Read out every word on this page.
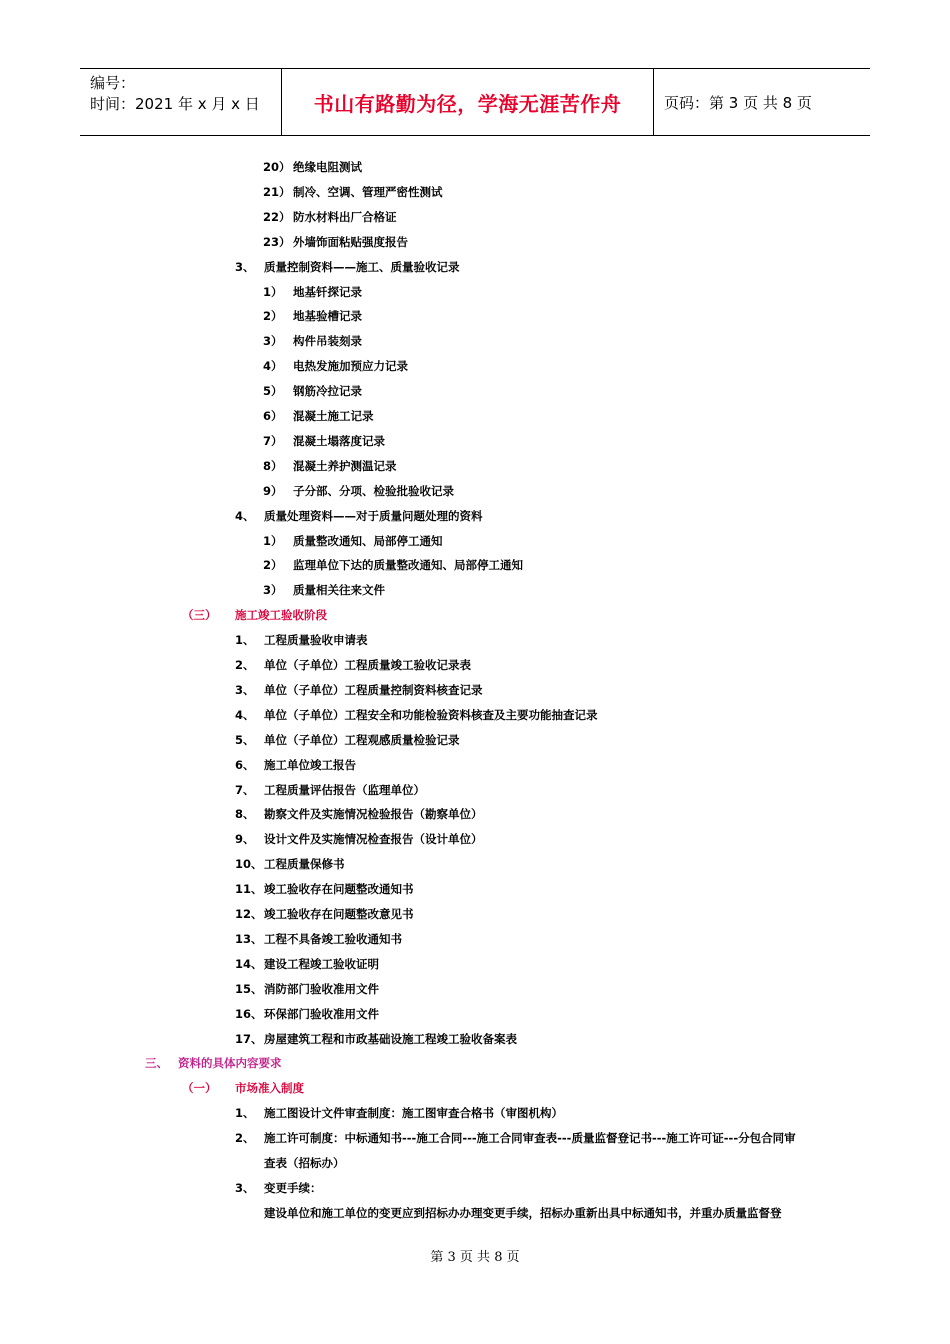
编号：
时间：2021 年 x 月 x 日	书山有路勤为径，学海无涯苦作舟	页码：第 3 页 共 8 页
20） 绝缘电阻测试
21） 制冷、空调、管理严密性测试
22） 防水材料出厂合格证
23） 外墙饰面粘贴强度报告
3、 质量控制资料——施工、质量验收记录
1） 地基钎探记录
2） 地基验槽记录
3） 构件吊装刻录
4） 电热发施加预应力记录
5） 钢筋冷拉记录
6） 混凝土施工记录
7） 混凝土塌落度记录
8） 混凝土养护测温记录
9） 子分部、分项、检验批验收记录
4、 质量处理资料——对于质量问题处理的资料
1） 质量整改通知、局部停工通知
2） 监理单位下达的质量整改通知、局部停工通知
3） 质量相关往来文件
（三） 施工竣工验收阶段
1、 工程质量验收申请表
2、 单位（子单位）工程质量竣工验收记录表
3、 单位（子单位）工程质量控制资料核查记录
4、 单位（子单位）工程安全和功能检验资料核查及主要功能抽查记录
5、 单位（子单位）工程观感质量检验记录
6、 施工单位竣工报告
7、 工程质量评估报告（监理单位）
8、 勘察文件及实施情况检验报告（勘察单位）
9、 设计文件及实施情况检查报告（设计单位）
10、 工程质量保修书
11、 竣工验收存在问题整改通知书
12、 竣工验收存在问题整改意见书
13、 工程不具备竣工验收通知书
14、 建设工程竣工验收证明
15、 消防部门验收准用文件
16、 环保部门验收准用文件
17、 房屋建筑工程和市政基础设施工程竣工验收备案表
三、 资料的具体内容要求
（一） 市场准入制度
1、 施工图设计文件审查制度：施工图审查合格书（审图机构）
2、 施工许可制度：中标通知书---施工合同---施工合同审查表---质量监督登记书---施工许可证---分包合同审
查表（招标办）
3、 变更手续：
建设单位和施工单位的变更应到招标办办理变更手续，招标办重新出具中标通知书，并重办质量监督登
第 3 页 共 8 页
